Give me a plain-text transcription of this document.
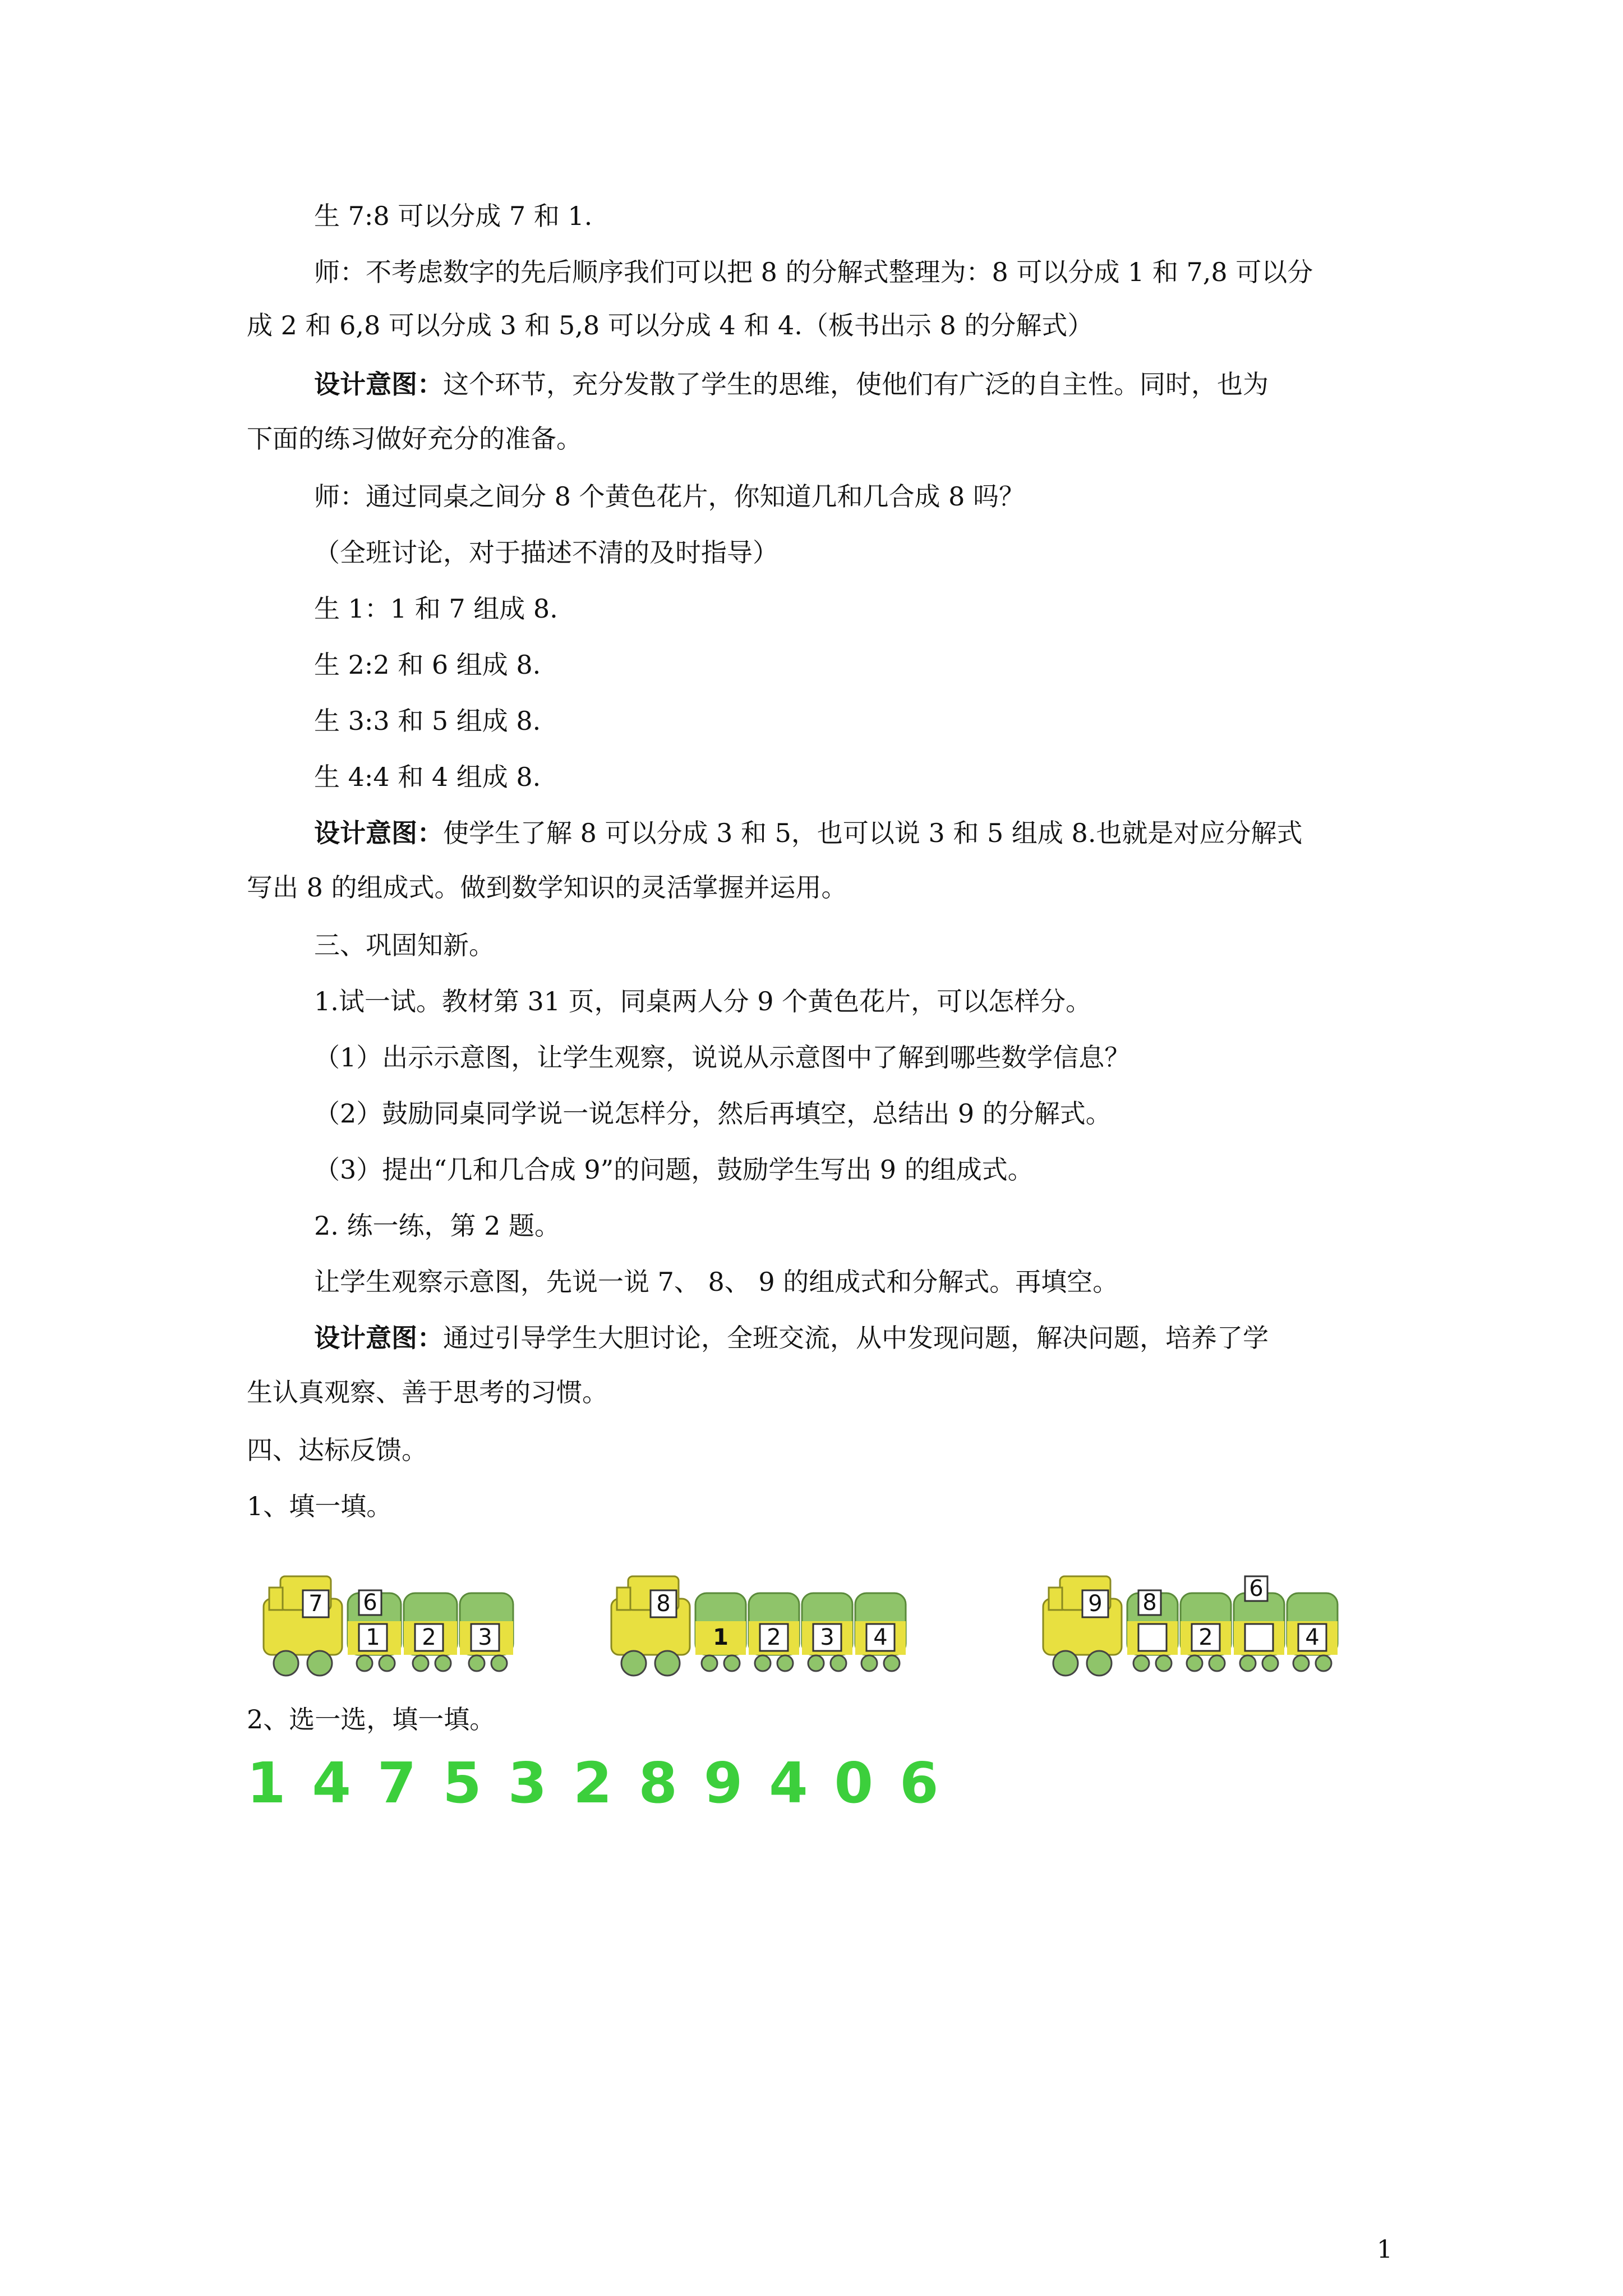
生 7:8 可以分成 7 和 1.
师：不考虑数字的先后顺序我们可以把 8 的分解式整理为：8 可以分成 1 和 7,8 可以分
成 2 和 6,8 可以分成 3 和 5,8 可以分成 4 和 4.（板书出示 8 的分解式）
设计意图：这个环节，充分发散了学生的思维，使他们有广泛的自主性。同时，也为
下面的练习做好充分的准备。
师：通过同桌之间分 8 个黄色花片，你知道几和几合成 8 吗？
（全班讨论，对于描述不清的及时指导）
生 1：1 和 7 组成 8.
生 2:2 和 6 组成 8.
生 3:3 和 5 组成 8.
生 4:4 和 4 组成 8.
设计意图：使学生了解 8 可以分成 3 和 5，也可以说 3 和 5 组成 8.也就是对应分解式
写出 8 的组成式。做到数学知识的灵活掌握并运用。
三、巩固知新。
1.试一试。教材第 31 页，同桌两人分 9 个黄色花片，可以怎样分。
（1）出示示意图，让学生观察，说说从示意图中了解到哪些数学信息？
（2）鼓励同桌同学说一说怎样分，然后再填空，总结出 9 的分解式。
（3）提出“几和几合成 9”的问题，鼓励学生写出 9 的组成式。
2. 练一练，第 2 题。
让学生观察示意图，先说一说 7、 8、 9 的组成式和分解式。再填空。
设计意图：通过引导学生大胆讨论，全班交流，从中发现问题，解决问题，培养了学
生认真观察、善于思考的习惯。
四、达标反馈。
1、填一填。
7 6
1 2 3
8
1 2 3 4
9 8
6
2	4
2、选一选，填一填。
1 4 7 5 3 2 8 9 4 0 6
1
